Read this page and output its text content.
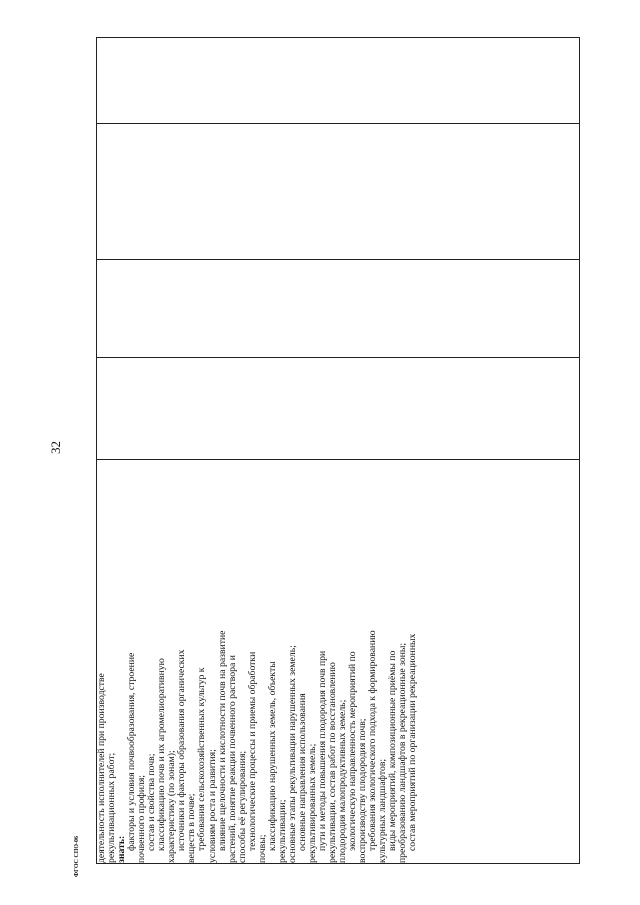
32
деятельность исполнителей при производстве рекультивационных работ; знать: факторы и условия почвообразования, строение почвенного профиля; состав и свойства почв; классификацию почв и их агромелиоративную характеристику (по зонам); источники и факторы образования органических веществ в почве; требования сельскохозяйственных культур к условиям роста и развития; влияние щелочности и кислотности почв на развитие растений, понятие реакции почвенного раствора и способы её регулирования; технологические процессы и приемы обработки почвы; классификацию нарушенных земель, объекты рекультивации; основные этапы рекультивации нарушенных земель; основные направления использования рекультивированных земель; пути и методы повышения плодородия почв при рекультивации, состав работ по восстановлению плодородия малопродуктивных земель; экологическую направленность мероприятий по воспроизводству плодородия почв; требования экологического подхода к формированию культурных ландшафтов; виды мероприятий, композиционные приёмы по преобразованию ландшафтов в рекреационные зоны; состав мероприятий по организации рекреационных

ФГОС СПО-06
